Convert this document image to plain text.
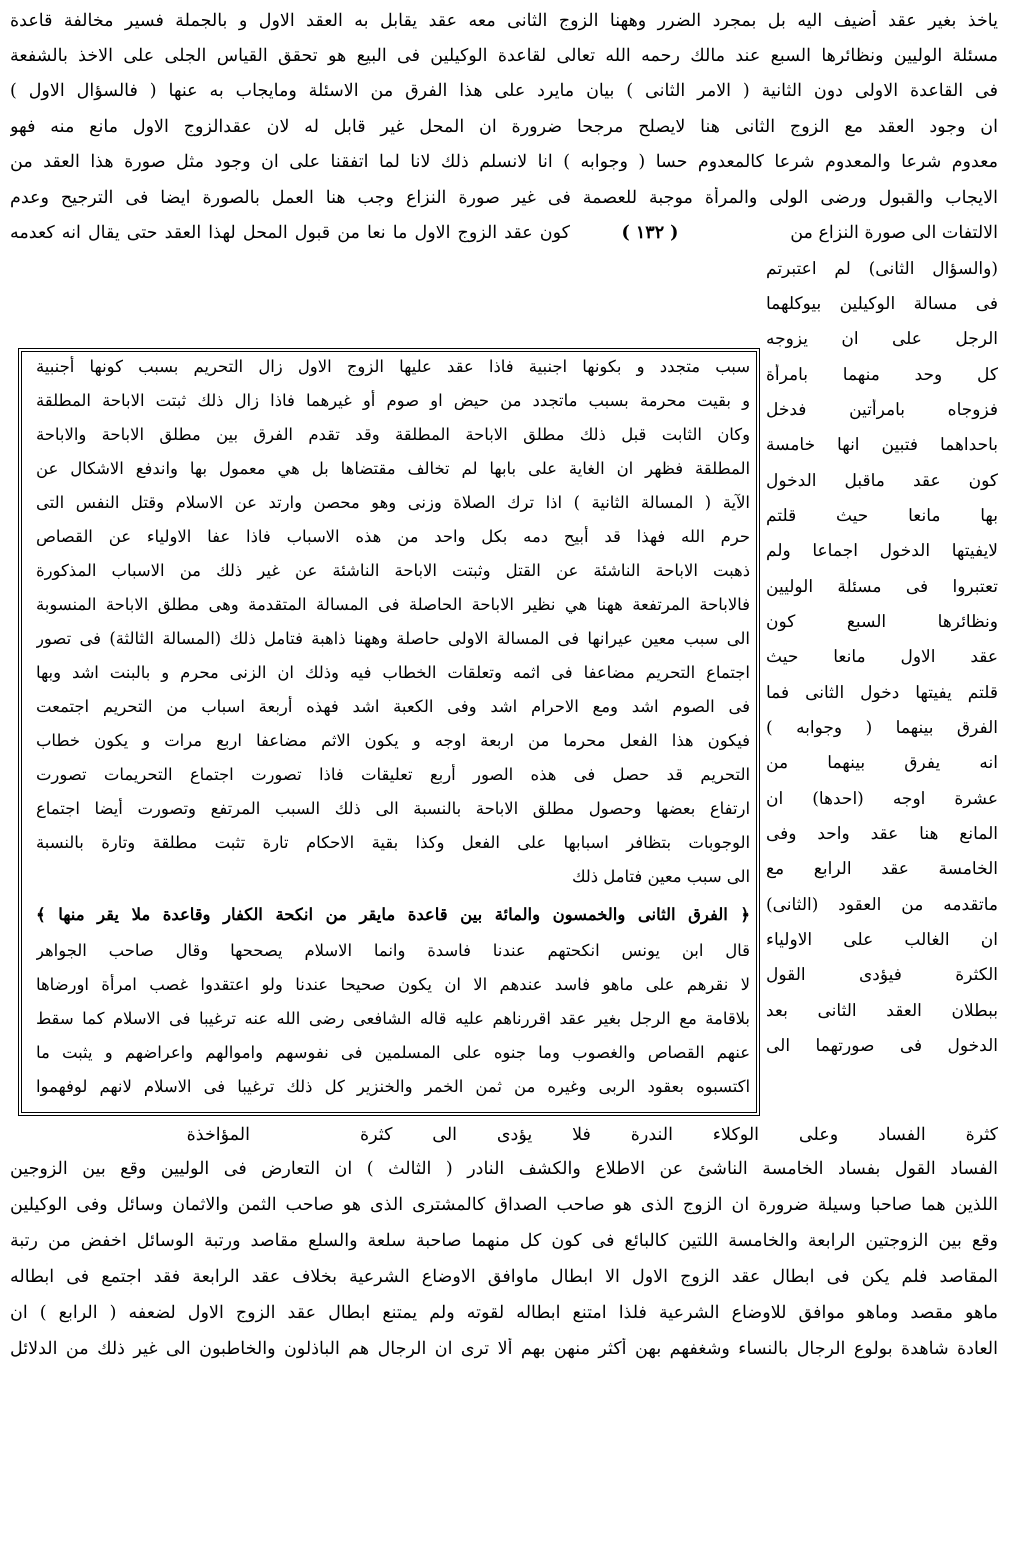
ياخذ بغير عقد أضيف اليه بل بمجرد الضرر وههنا الزوج الثانى معه عقد يقابل به العقد الاول و بالجملة فسير مخالفة قاعدة
مسئلة الوليين ونظائرها السبع عند مالك رحمه الله تعالى لقاعدة الوكيلين فى البيع هو تحقق القياس الجلى على الاخذ بالشفعة
فى القاعدة الاولى دون الثانية ( الامر الثانى ) بيان مايرد على هذا الفرق من الاسئلة ومايجاب به عنها ( فالسؤال الاول )
ان وجود العقد مع الزوج الثانى هنا لايصلح مرجحا ضرورة ان المحل غير قابل له لان عقدالزوج الاول مانع منه فهو
معدوم شرعا والمعدوم شرعا كالمعدوم حسا ( وجوابه ) انا لانسلم ذلك لانا لما اتفقنا على ان وجود مثل صورة هذا العقد من
الايجاب والقبول ورضى الولى والمرأة موجبة للعصمة فى غير صورة النزاع وجب هنا العمل بالصورة ايضا فى الترجيح وعدم
الالتفات الى صورة النزاع من
( ١٣٢ )
كون عقد الزوج الاول ما نعا من قبول المحل لهذا العقد حتى يقال انه كعدمه
(والسؤال الثانى) لم اعتبرتم
فى مسالة الوكيلين بيوكلهما
الرجل على ان يزوجه
كل وحد منهما بامرأة
فزوجاه بامرأتين فدخل
باحداهما فتبين انها خامسة
كون عقد ماقبل الدخول
بها مانعا حيث قلتم
لايفيتها الدخول اجماعا ولم
تعتبروا فى مسئلة الوليين
ونظائرها السبع كون
عقد الاول مانعا حيث
قلتم يفيتها دخول الثانى فما
الفرق بينهما ( وجوابه )
انه يفرق بينهما من
عشرة اوجه (احدها) ان
المانع هنا عقد واحد وفى
الخامسة عقد الرابع مع
ماتقدمه من العقود (الثانى)
ان الغالب على الاولياء
الكثرة فيؤدى القول
ببطلان العقد الثانى بعد
الدخول فى صورتهما الى
سبب متجدد و بكونها اجنبية فاذا عقد عليها الزوج الاول زال التحريم بسبب كونها أجنبية
و بقيت محرمة بسبب ماتجدد من حيض او صوم أو غيرهما فاذا زال ذلك ثبتت الاباحة المطلقة
وكان الثابت قبل ذلك مطلق الاباحة المطلقة وقد تقدم الفرق بين مطلق الاباحة والاباحة
المطلقة فظهر ان الغاية على بابها لم تخالف مقتضاها بل هي معمول بها واندفع الاشكال عن
الآية ( المسالة الثانية ) اذا ترك الصلاة وزنى وهو محصن وارتد عن الاسلام وقتل النفس التى
حرم الله فهذا قد أبيح دمه بكل واحد من هذه الاسباب فاذا عفا الاولياء عن القصاص
ذهبت الاباحة الناشئة عن القتل وثبتت الاباحة الناشئة عن غير ذلك من الاسباب المذكورة
فالاباحة المرتفعة ههنا هي نظير الاباحة الحاصلة فى المسالة المتقدمة وهى مطلق الاباحة المنسوبة
الى سبب معين عيرانها فى المسالة الاولى حاصلة وههنا ذاهبة فتامل ذلك (المسالة الثالثة) فى تصور
اجتماع التحريم مضاعفا فى اثمه وتعلقات الخطاب فيه وذلك ان الزنى محرم و بالبنت اشد وبها
فى الصوم اشد ومع الاحرام اشد وفى الكعبة اشد فهذه أربعة اسباب من التحريم اجتمعت
فيكون هذا الفعل محرما من اربعة اوجه و يكون الاثم مضاعفا اربع مرات و يكون خطاب
التحريم قد حصل فى هذه الصور أربع تعليقات فاذا تصورت اجتماع التحريمات تصورت
ارتفاع بعضها وحصول مطلق الاباحة بالنسبة الى ذلك السبب المرتفع وتصورت أيضا اجتماع
الوجوبات بتظافر اسبابها على الفعل وكذا بقية الاحكام تارة تثبت مطلقة وتارة بالنسبة
الى سبب معين فتامل ذلك
﴿ الفرق الثانى والخمسون والمائة بين قاعدة مايقر من انكحة الكفار وقاعدة ملا يقر منها ﴾
قال ابن يونس انكحتهم عندنا فاسدة وانما الاسلام يصححها وقال صاحب الجواهر
لا نقرهم على ماهو فاسد عندهم الا ان يكون صحيحا عندنا ولو اعتقدوا غصب امرأة اورضاها
بلاقامة مع الرجل بغير عقد اقررناهم عليه قاله الشافعى رضى الله عنه ترغيبا فى الاسلام كما سقط
عنهم القصاص والغصوب وما جنوه على المسلمين فى نفوسهم واموالهم واعراضهم و يثبت ما
اكتسبوه بعقود الربى وغيره من ثمن الخمر والخنزير كل ذلك ترغيبا فى الاسلام لانهم لوفهموا
كثرة الفساد وعلى الوكلاء الندرة فلا يؤدى الى كثرة
المؤاخذة
الفساد القول بفساد الخامسة الناشئ عن الاطلاع والكشف النادر ( الثالث ) ان التعارض فى الوليين وقع بين الزوجين
اللذين هما صاحبا وسيلة ضرورة ان الزوج الذى هو صاحب الصداق كالمشترى الذى هو صاحب الثمن والاثمان وسائل وفى الوكيلين
وقع بين الزوجتين الرابعة والخامسة اللتين كالبائع فى كون كل منهما صاحبة سلعة والسلع مقاصد ورتبة الوسائل اخفض من رتبة
المقاصد فلم يكن فى ابطال عقد الزوج الاول الا ابطال ماوافق الاوضاع الشرعية بخلاف عقد الرابعة فقد اجتمع فى ابطاله
ماهو مقصد وماهو موافق للاوضاع الشرعية فلذا امتنع ابطاله لقوته ولم يمتنع ابطال عقد الزوج الاول لضعفه ( الرابع ) ان
العادة شاهدة بولوع الرجال بالنساء وشغفهم بهن أكثر منهن بهم ألا ترى ان الرجال هم الباذلون والخاطبون الى غير ذلك من الدلائل
